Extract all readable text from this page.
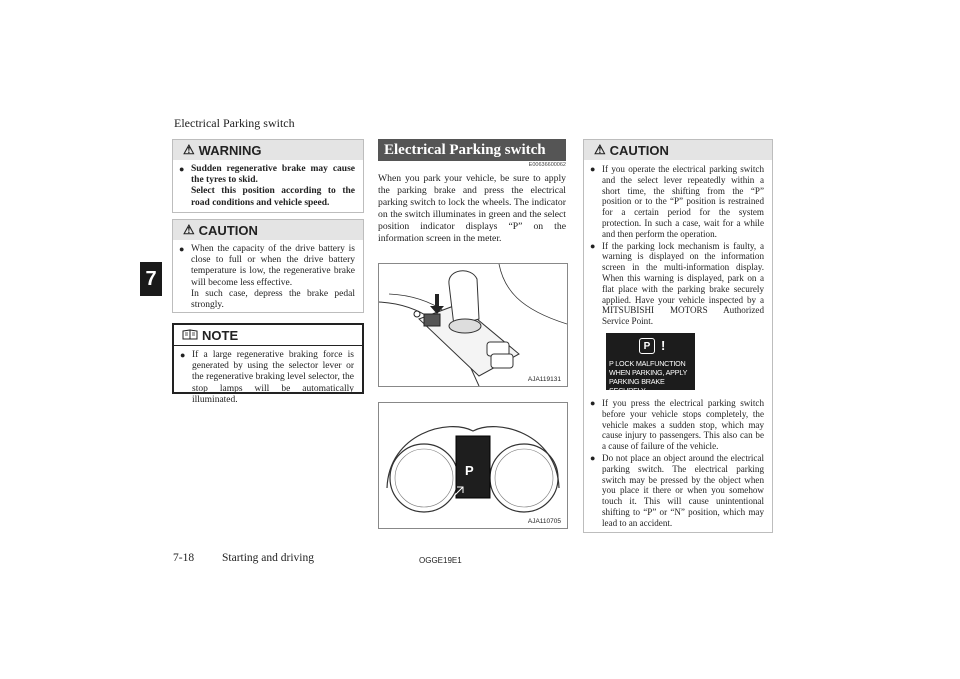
Electrical Parking switch
7
⚠ WARNING
● Sudden regenerative brake may cause the tyres to skid.
Select this position according to the road conditions and vehicle speed.
⚠ CAUTION
● When the capacity of the drive battery is close to full or when the drive battery temperature is low, the regenerative brake will become less effective.
In such case, depress the brake pedal strongly.
NOTE
● If a large regenerative braking force is generated by using the selector lever or the regenerative braking level selector, the stop lamps will be automatically illuminated.
Electrical Parking switch
E00636600062
When you park your vehicle, be sure to apply the parking brake and press the electrical parking switch to lock the wheels. The indicator on the switch illuminates in green and the select position indicator displays “P” on the information screen in the meter.
AJA119131
P
AJA110705
⚠ CAUTION
● If you operate the electrical parking switch and the select lever repeatedly within a short time, the shifting from the “P” position or to the “P” position is restrained for a certain period for the system protection. In such a case, wait for a while and then perform the operation.
● If the parking lock mechanism is faulty, a warning is displayed on the information screen in the multi-information display. When this warning is displayed, park on a flat place with the parking brake securely applied. Have your vehicle inspected by a MITSUBISHI MOTORS Authorized Service Point.
● If you press the electrical parking switch before your vehicle stops completely, the vehicle makes a sudden stop, which may cause injury to passengers. This also can be a cause of failure of the vehicle.
● Do not place an object around the electrical parking switch. The electrical parking switch may be pressed by the object when you place it there or when you somehow touch it. This will cause unintentional shifting to “P” or “N” position, which may lead to an accident.
P !
P LOCK MALFUNCTION
WHEN PARKING, APPLY
PARKING BRAKE SECURELY
7-18 Starting and driving	OGGE19E1
